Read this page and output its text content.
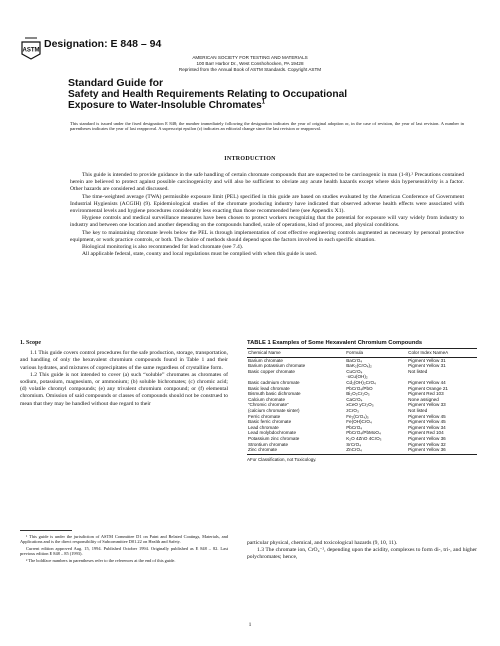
ASTM
Designation: E 848 – 94
AMERICAN SOCIETY FOR TESTING AND MATERIALS
100 Barr Harbor Dr., West Conshohocken, PA 19428
Reprinted from the Annual Book of ASTM Standards. Copyright ASTM
Standard Guide for
Safety and Health Requirements Relating to Occupational
Exposure to Water-Insoluble Chromates$^1$
This standard is issued under the fixed designation E 848; the number immediately following the designation indicates the year of original adoption or, in the case of revision, the year of last revision. A number in parentheses indicates the year of last reapproval. A superscript epsilon (ε) indicates an editorial change since the last revision or reapproval.
INTRODUCTION

This guide is intended to provide guidance in the safe handling of certain chromate compounds that are suspected to be carcinogenic in man (1-8).² Precautions contained herein are believed to protect against possible carcinogenicity and will also be sufficient to obviate any acute health hazards except where skin hypersensitivity is a factor. Other hazards are considered and discussed.

The time-weighted average (TWA) permissible exposure limit (PEL) specified in this guide are based on studies evaluated by the American Conference of Government Industrial Hygienists (ACGIH) (9). Epidemiological studies of the chromate producing industry have indicated that observed adverse health effects were associated with environmental levels and hygiene procedures considerably less exacting than those recommended here (see Appendix X1).

Hygiene controls and medical surveillance measures have been chosen to protect workers recognizing that the potential for exposure will vary widely from industry to industry and between one location and another depending on the compounds handled, scale of operations, kind of process, and physical conditions.

The key to maintaining chromate levels below the PEL is through implementation of cost effective engineering controls augmented as necessary by personal protective equipment, or work practice controls, or both. The choice of methods should depend upon the factors involved in each specific situation.

Biological monitoring is also recommended for lead chromate (see 7.4).

All applicable federal, state, county and local regulations must be complied with when this guide is used.

1. Scope

1.1 This guide covers control procedures for the safe production, storage, transportation, and handling of only the hexavalent chromium compounds found in Table 1 and their various hydrates, and mixtures of coprecipitates of the same regardless of crystalline form.

1.2 This guide is not intended to cover (a) such “soluble” chromates as chromates of sodium, potassium, magnesium, or ammonium; (b) soluble bichromates; (c) chromic acid; (d) volatile chromyl compounds; (e) any trivalent chromium compound; or (f) elemental chromium. Omission of said compounds or classes of compounds should not be construed to mean that they may be handled without due regard to their

¹ This guide is under the jurisdiction of ASTM Committee D1 on Paint and Related Coatings, Materials, and Applications and is the direct responsibility of Subcommittee D01.22 on Health and Safety.

Current edition approved Aug. 15, 1994. Published October 1994. Originally published as E 848 – 82. Last previous edition E 848 – 85 (1993).

² The boldface numbers in parentheses refer to the references at the end of this guide.

TABLE 1 Examples of Some Hexavalent Chromium Compounds
Chemical Name	Formula	Color Index NameA
Barium chromate	BaCrO₄	Pigment Yellow 31
Barium potassium chromate	BaK₂(CrO₄)₂	Pigment Yellow 31
Basic copper chromate	CuCrO₄	Not listed
	·xCu(OH)₂	
Basic cadmium chromate	Cd₂(OH)₂CrO₄	Pigment Yellow 44
Basic lead chromate	PbCrO₄/PbO	Pigment Orange 21
Bismuth basic dichromate	Bi₂O₃Cr₂O₃	Pigment Red 103
Calcium chromate	CaCrO₄	None assigned
“Chromic chromate”	xCeO yCr₂O₃	Pigment Yellow 33
(calcium chromate sinter)	zCrO₃	Not listed
Ferric chromate	Fe₂(CrO₄)₃	Pigment Yellow 45
Basic ferric chromate	Fe(OH)CrO₄	Pigment Yellow 45
Lead chromate	PbCrO₄	Pigment Yellow 34
Lead molybdochromate	PbCrO₄/PbMoO₄	Pigment Red 104
Potassium zinc chromate	K₂O 4ZnO 4CrO₃	Pigment Yellow 36
Strontium chromate	SrCrO₄	Pigment Yellow 32
Zinc chromate	ZnCrO₄	Pigment Yellow 36
AFor Classification, not Toxicology.

particular physical, chemical, and toxicological hazards (9, 10, 11).

1.3 The chromate ion, CrO₄⁻², depending upon the acidity, complexes to form di-, tri-, and higher polychromates; hence,

1
